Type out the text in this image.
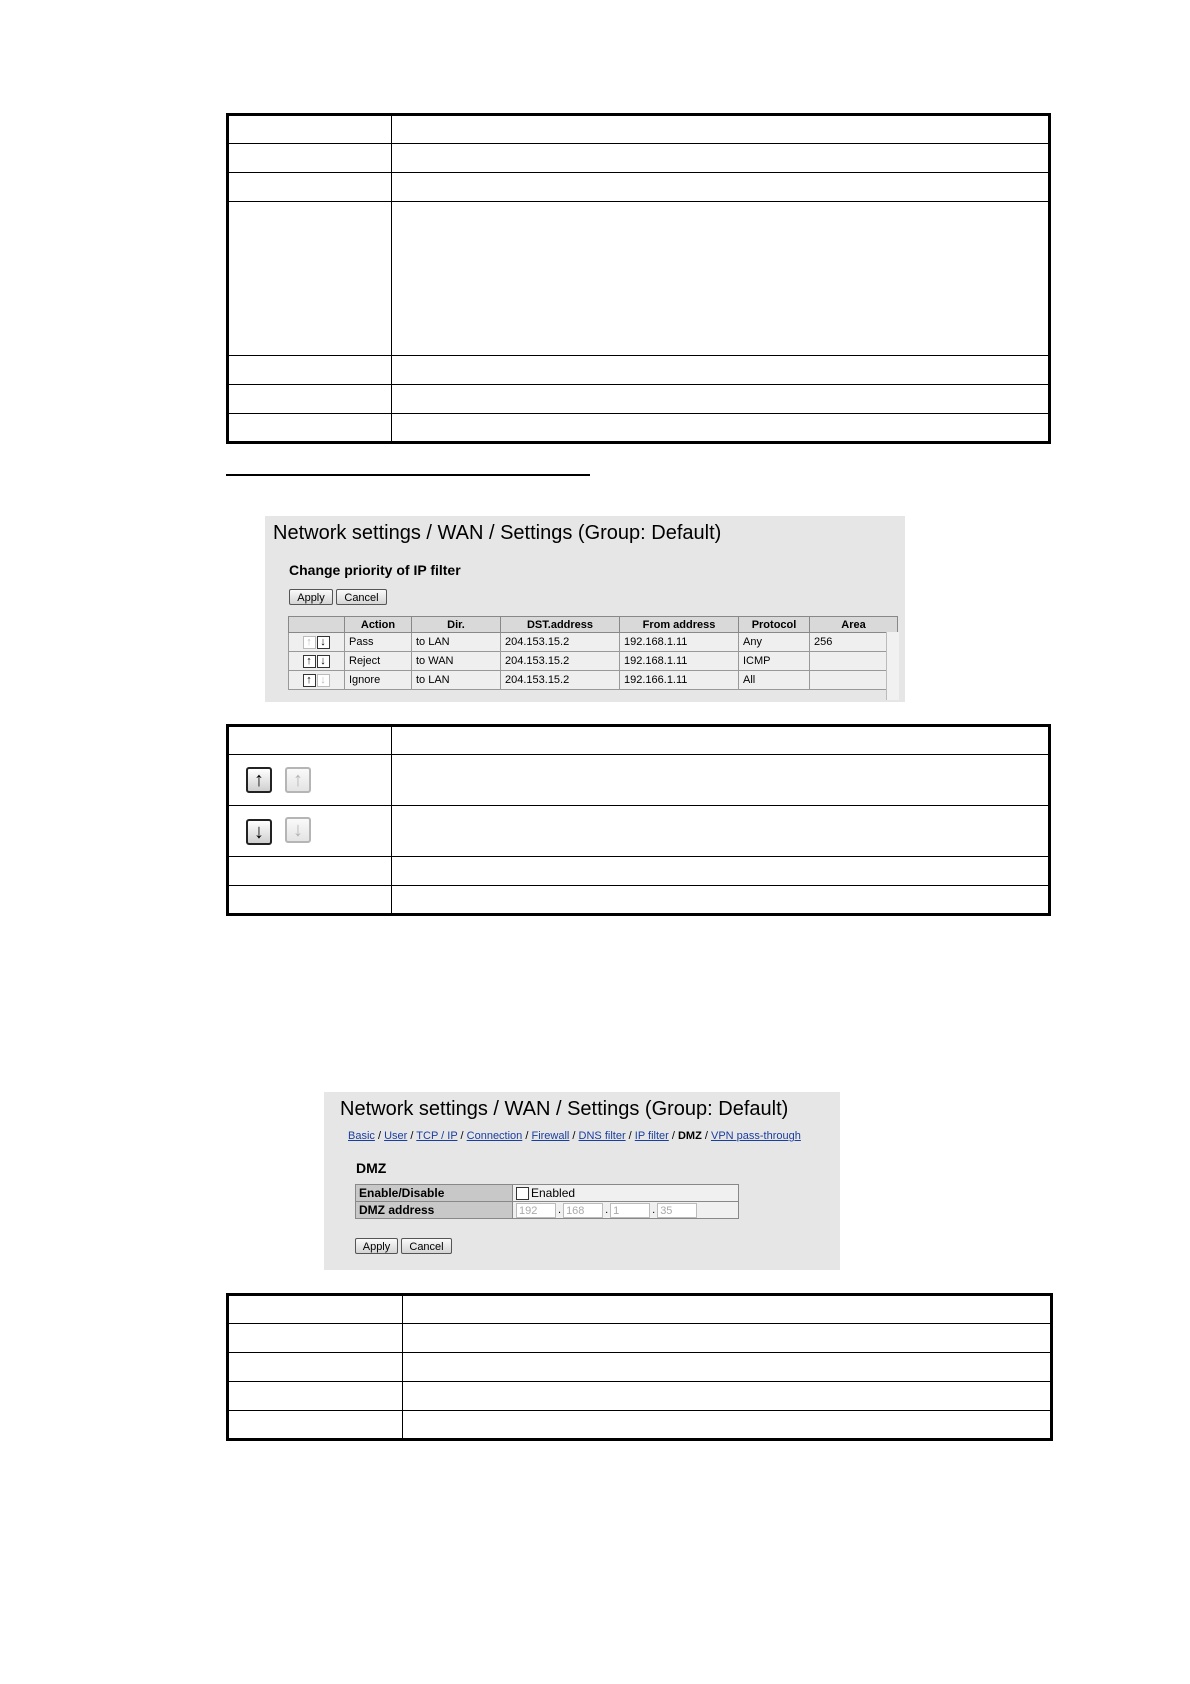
Network settings / WAN / Settings (Group: Default)
Change priority of IP filter
Apply	Cancel
	Action	Dir.	DST.address	From address	Protocol	Area
↑ ↓	Pass	to LAN	204.153.15.2	192.168.1.11	Any	256
↑ ↓	Reject	to WAN	204.153.15.2	192.168.1.11	ICMP	
↑ ↓	Ignore	to LAN	204.153.15.2	192.166.1.11	All	

↑ ↑	

↓ ↓	

Network settings / WAN / Settings (Group: Default)
Basic / User / TCP / IP / Connection / Firewall / DNS filter / IP filter / DMZ / VPN pass-through
DMZ
Enable/Disable	Enabled
DMZ address	192 . 168 . 1 . 35
Apply	Cancel
